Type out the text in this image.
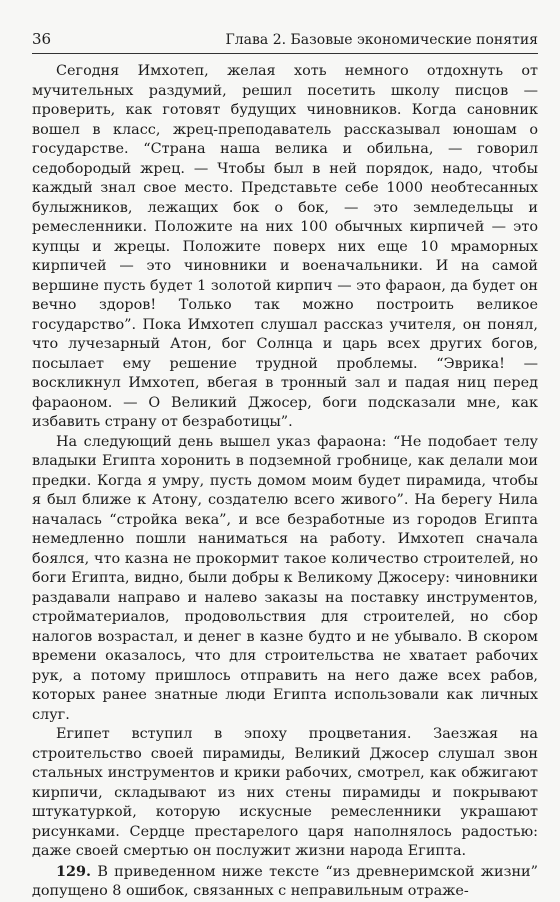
36	Глава 2. Базовые экономические понятия

Сегодня Имхотеп, желая хоть немного отдохнуть от мучительных раздумий, решил посетить школу писцов — проверить, как готовят будущих чиновников. Когда сановник вошел в класс, жрец-преподаватель рассказывал юношам о государстве. “Страна наша велика и обильна, — говорил седобородый жрец. — Чтобы был в ней порядок, надо, чтобы каждый знал свое место. Представьте себе 1000 необтесанных булыжников, лежащих бок о бок, — это земледельцы и ремесленники. Положите на них 100 обычных кирпичей — это купцы и жрецы. Положите поверх них еще 10 мраморных кирпичей — это чиновники и военачальники. И на самой вершине пусть будет 1 золотой кирпич — это фараон, да будет он вечно здоров! Только так можно построить великое государство”. Пока Имхотеп слушал рассказ учителя, он понял, что лучезарный Атон, бог Солнца и царь всех других богов, посылает ему решение трудной проблемы. “Эврика! — воскликнул Имхотеп, вбегая в тронный зал и падая ниц перед фараоном. — О Великий Джосер, боги подсказали мне, как избавить страну от безработицы”.

На следующий день вышел указ фараона: “Не подобает телу владыки Египта хоронить в подземной гробнице, как делали мои предки. Когда я умру, пусть домом моим будет пирамида, чтобы я был ближе к Атону, создателю всего живого”. На берегу Нила началась “стройка века”, и все безработные из городов Египта немедленно пошли наниматься на работу. Имхотеп сначала боялся, что казна не прокормит такое количество строителей, но боги Египта, видно, были добры к Великому Джосеру: чиновники раздавали направо и налево заказы на поставку инструментов, стройматериалов, продовольствия для строителей, но сбор налогов возрастал, и денег в казне будто и не убывало. В скором времени оказалось, что для строительства не хватает рабочих рук, а потому пришлось отправить на него даже всех рабов, которых ранее знатные люди Египта использовали как личных слуг.

Египет вступил в эпоху процветания. Заезжая на строительство своей пирамиды, Великий Джосер слушал звон стальных инструментов и крики рабочих, смотрел, как обжигают кирпичи, складывают из них стены пирамиды и покрывают штукатуркой, которую искусные ремесленники украшают рисунками. Сердце престарелого царя наполнялось радостью: даже своей смертью он послужит жизни народа Египта.

129. В приведенном ниже тексте “из древнеримской жизни” допущено 8 ошибок, связанных с неправильным отраже-
